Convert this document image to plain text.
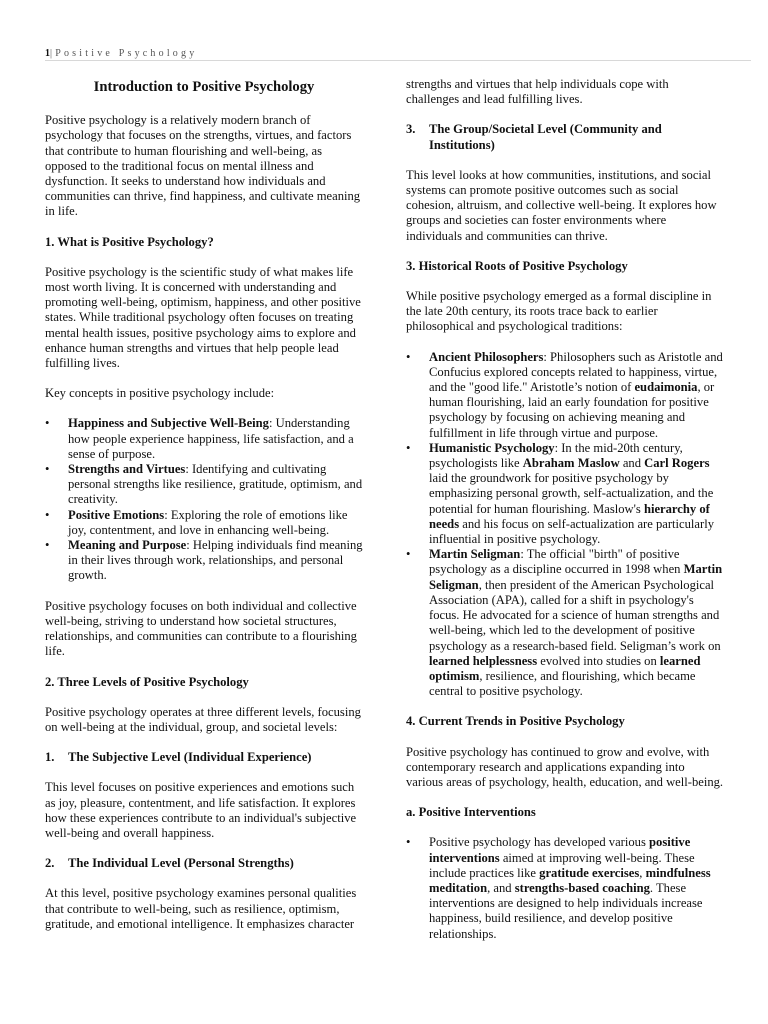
1|Positive Psychology

Introduction to Positive Psychology

Positive psychology is a relatively modern branch of psychology that focuses on the strengths, virtues, and factors that contribute to human flourishing and well-being, as opposed to the traditional focus on mental illness and dysfunction. It seeks to understand how individuals and communities can thrive, find happiness, and cultivate meaning in life.

1. What is Positive Psychology?

Positive psychology is the scientific study of what makes life most worth living. It is concerned with understanding and promoting well-being, optimism, happiness, and other positive states. While traditional psychology often focuses on treating mental health issues, positive psychology aims to explore and enhance human strengths and virtues that help people lead fulfilling lives.

Key concepts in positive psychology include:

• Happiness and Subjective Well-Being: Understanding how people experience happiness, life satisfaction, and a sense of purpose.
• Strengths and Virtues: Identifying and cultivating personal strengths like resilience, gratitude, optimism, and creativity.
• Positive Emotions: Exploring the role of emotions like joy, contentment, and love in enhancing well-being.
• Meaning and Purpose: Helping individuals find meaning in their lives through work, relationships, and personal growth.

Positive psychology focuses on both individual and collective well-being, striving to understand how societal structures, relationships, and communities can contribute to a flourishing life.

2. Three Levels of Positive Psychology

Positive psychology operates at three different levels, focusing on well-being at the individual, group, and societal levels:

1.	The Subjective Level (Individual Experience)

This level focuses on positive experiences and emotions such as joy, pleasure, contentment, and life satisfaction. It explores how these experiences contribute to an individual's subjective well-being and overall happiness.

2.	The Individual Level (Personal Strengths)

At this level, positive psychology examines personal qualities that contribute to well-being, such as resilience, optimism, gratitude, and emotional intelligence. It emphasizes character

strengths and virtues that help individuals cope with challenges and lead fulfilling lives.

3.	The Group/Societal Level (Community and Institutions)

This level looks at how communities, institutions, and social systems can promote positive outcomes such as social cohesion, altruism, and collective well-being. It explores how groups and societies can foster environments where individuals and communities can thrive.

3. Historical Roots of Positive Psychology

While positive psychology emerged as a formal discipline in the late 20th century, its roots trace back to earlier philosophical and psychological traditions:

• Ancient Philosophers: Philosophers such as Aristotle and Confucius explored concepts related to happiness, virtue, and the "good life." Aristotle’s notion of eudaimonia, or human flourishing, laid an early foundation for positive psychology by focusing on achieving meaning and fulfillment in life through virtue and purpose.
• Humanistic Psychology: In the mid-20th century, psychologists like Abraham Maslow and Carl Rogers laid the groundwork for positive psychology by emphasizing personal growth, self-actualization, and the potential for human flourishing. Maslow's hierarchy of needs and his focus on self-actualization are particularly influential in positive psychology.
• Martin Seligman: The official "birth" of positive psychology as a discipline occurred in 1998 when Martin Seligman, then president of the American Psychological Association (APA), called for a shift in psychology's focus. He advocated for a science of human strengths and well-being, which led to the development of positive psychology as a research-based field. Seligman’s work on learned helplessness evolved into studies on learned optimism, resilience, and flourishing, which became central to positive psychology.

4. Current Trends in Positive Psychology

Positive psychology has continued to grow and evolve, with contemporary research and applications expanding into various areas of psychology, health, education, and well-being.

a. Positive Interventions

• Positive psychology has developed various positive interventions aimed at improving well-being. These include practices like gratitude exercises, mindfulness meditation, and strengths-based coaching. These interventions are designed to help individuals increase happiness, build resilience, and develop positive relationships.
